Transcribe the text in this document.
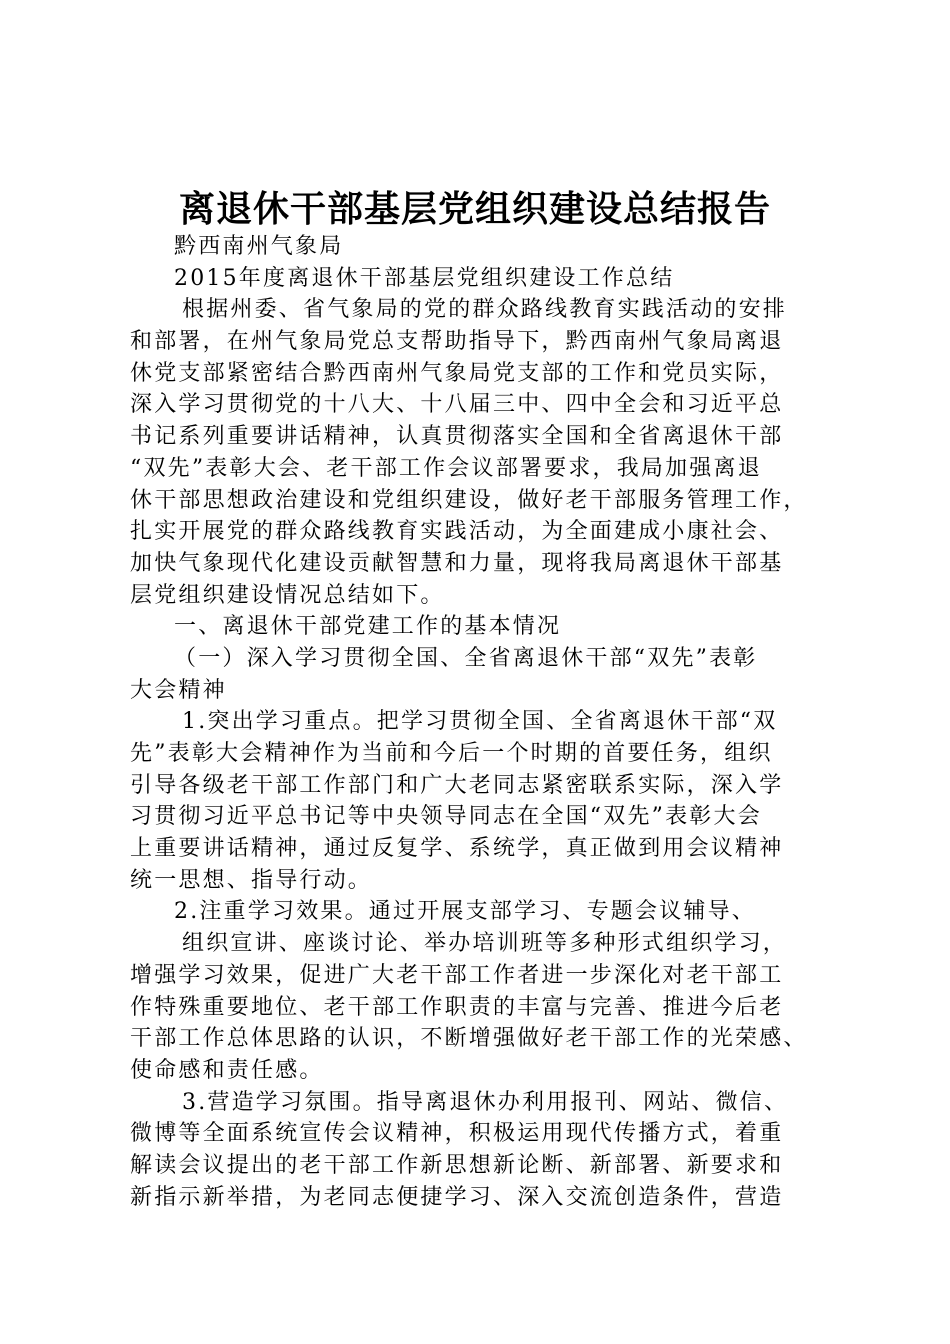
离退休干部基层党组织建设总结报告
黔西南州气象局
2015年度离退休干部基层党组织建设工作总结
根据州委、省气象局的党的群众路线教育实践活动的安排
和部署，在州气象局党总支帮助指导下，黔西南州气象局离退
休党支部紧密结合黔西南州气象局党支部的工作和党员实际，
深入学习贯彻党的十八大、十八届三中、四中全会和习近平总
书记系列重要讲话精神，认真贯彻落实全国和全省离退休干部
“双先”表彰大会、老干部工作会议部署要求，我局加强离退
休干部思想政治建设和党组织建设，做好老干部服务管理工作，
扎实开展党的群众路线教育实践活动，为全面建成小康社会、
加快气象现代化建设贡献智慧和力量，现将我局离退休干部基
层党组织建设情况总结如下。
一、离退休干部党建工作的基本情况
（一）深入学习贯彻全国、全省离退休干部“双先”表彰
大会精神
1.突出学习重点。把学习贯彻全国、全省离退休干部“双
先”表彰大会精神作为当前和今后一个时期的首要任务，组织
引导各级老干部工作部门和广大老同志紧密联系实际，深入学
习贯彻习近平总书记等中央领导同志在全国“双先”表彰大会
上重要讲话精神，通过反复学、系统学，真正做到用会议精神
统一思想、指导行动。
2.注重学习效果。通过开展支部学习、专题会议辅导、
组织宣讲、座谈讨论、举办培训班等多种形式组织学习，
增强学习效果，促进广大老干部工作者进一步深化对老干部工
作特殊重要地位、老干部工作职责的丰富与完善、推进今后老
干部工作总体思路的认识，不断增强做好老干部工作的光荣感、
使命感和责任感。
3.营造学习氛围。指导离退休办利用报刊、网站、微信、
微博等全面系统宣传会议精神，积极运用现代传播方式，着重
解读会议提出的老干部工作新思想新论断、新部署、新要求和
新指示新举措，为老同志便捷学习、深入交流创造条件，营造
